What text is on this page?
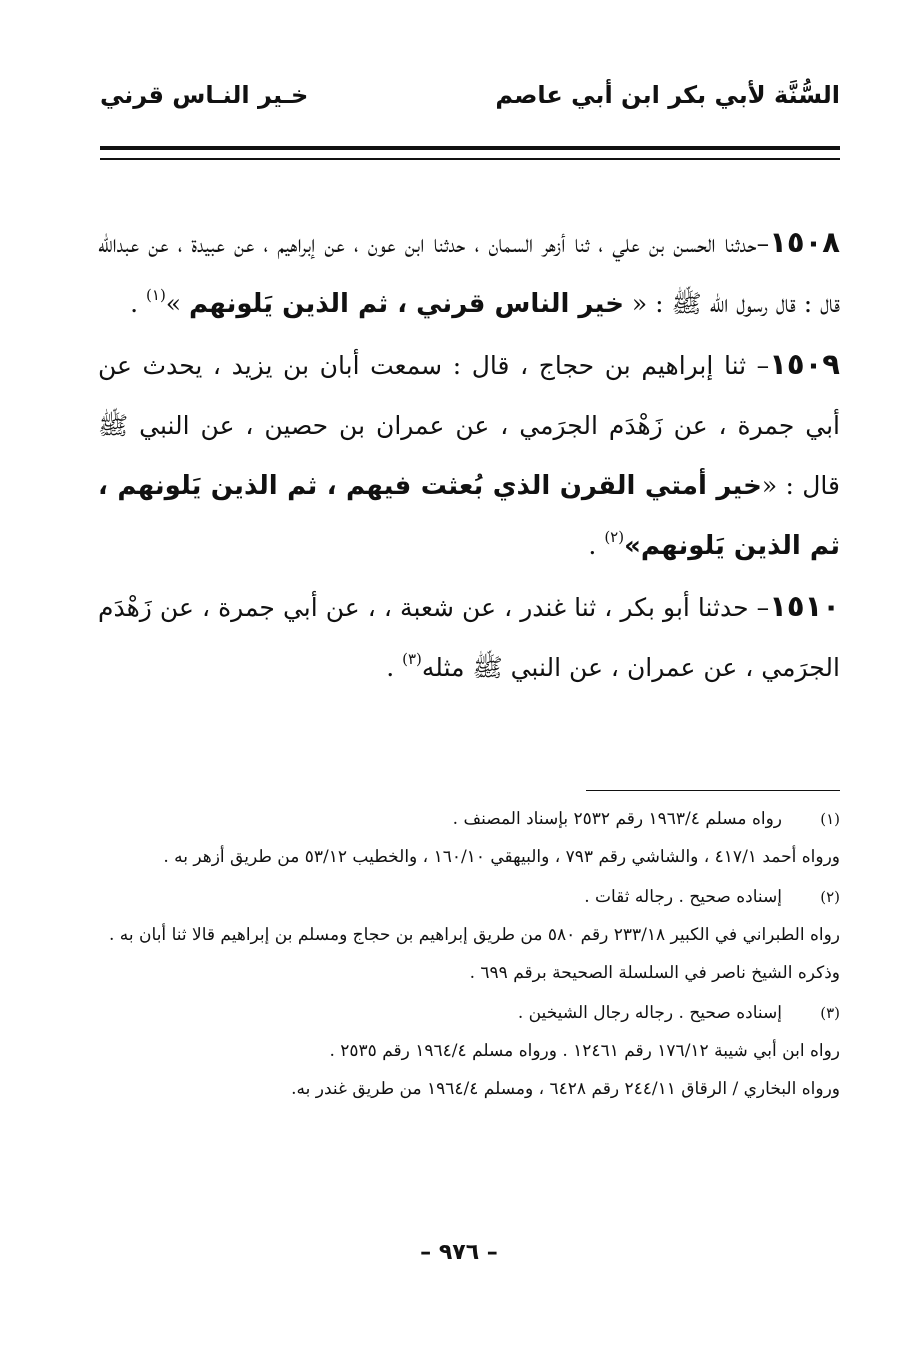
السُّنَّة لأبي بكر ابن أبي عاصم
خـير النـاس قرني

١٥٠٨–حدثنا الحسن بن علي ، ثنا أزهر السمان ، حدثنا ابن عون ، عن إبراهيم ، عن عبيدة ، عن عبدالله قال : قال رسول الله ﷺ : « خير الناس قرني ، ثم الذين يَلونهم »$^{(١)}$ .

١٥٠٩– ثنا إبراهيم بن حجاج ، قال : سمعت أبان بن يزيد ، يحدث عن أبي جمرة ، عن زَهْدَم الجرَمي ، عن عمران بن حصين ، عن النبي ﷺ قال : «خير أمتي القرن الذي بُعثت فيهم ، ثم الذين يَلونهم ، ثم الذين يَلونهم»$^{(٢)}$ .

١٥١٠– حدثنا أبو بكر ، ثنا غندر ، عن شعبة ، ، عن أبي جمرة ، عن زَهْدَم الجرَمي ، عن عمران ، عن النبي ﷺ مثله$^{(٣)}$ .

(١)
رواه مسلم ١٩٦٣/٤ رقم ٢٥٣٢ بإسناد المصنف .
ورواه أحمد ٤١٧/١ ، والشاشي رقم ٧٩٣ ، والبيهقي ١٦٠/١٠ ، والخطيب ٥٣/١٢ من طريق أزهر به .
(٢)
إسناده صحيح . رجاله ثقات .
رواه الطبراني في الكبير ٢٣٣/١٨ رقم ٥٨٠ من طريق إبراهيم بن حجاج ومسلم بن إبراهيم قالا ثنا أبان به .
وذكره الشيخ ناصر في السلسلة الصحيحة برقم ٦٩٩ .
(٣)
إسناده صحيح . رجاله رجال الشيخين .
رواه ابن أبي شيبة ١٧٦/١٢ رقم ١٢٤٦١ . ورواه مسلم ١٩٦٤/٤ رقم ٢٥٣٥ .
ورواه البخاري / الرقاق ٢٤٤/١١ رقم ٦٤٢٨ ، ومسلم ١٩٦٤/٤ من طريق غندر به.
– ٩٧٦ –
